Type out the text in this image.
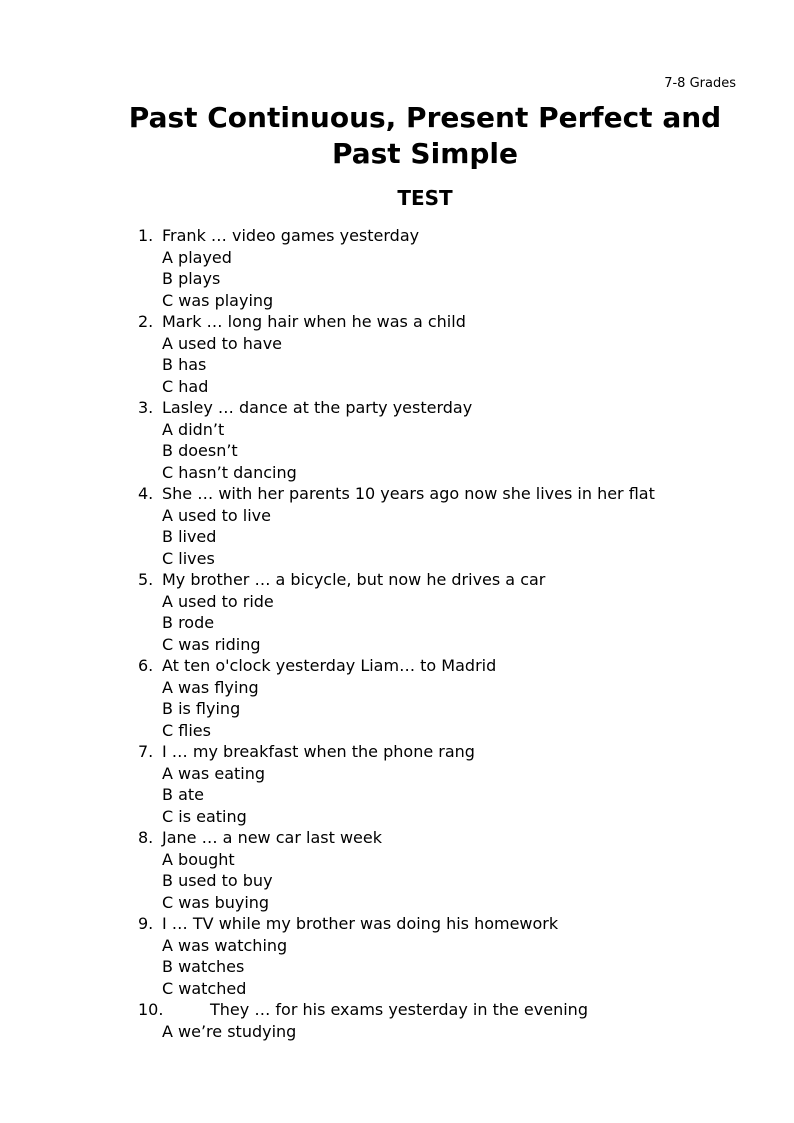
7-8 Grades
Past Continuous, Present Perfect and Past Simple
TEST
1. Frank … video games yesterday
A played
B plays
C was playing
2. Mark … long hair when he was a child
A used to have
B has
C had
3. Lasley … dance at the party yesterday
A didn’t
B doesn’t
C hasn’t dancing
4. She … with her parents 10 years ago now she lives in her flat
A used to live
B lived
C lives
5. My brother … a bicycle, but now he drives a car
A used to ride
B rode
C was riding
6. At ten o'clock yesterday Liam… to Madrid
A was flying
B is flying
C flies
7. I … my breakfast when the phone rang
A was eating
B ate
C is eating
8. Jane … a new car last week
A bought
B used to buy
C was buying
9. I … TV while my brother was doing his homework
A was watching
B watches
C watched
10.	They … for his exams yesterday in the evening
A we’re studying
